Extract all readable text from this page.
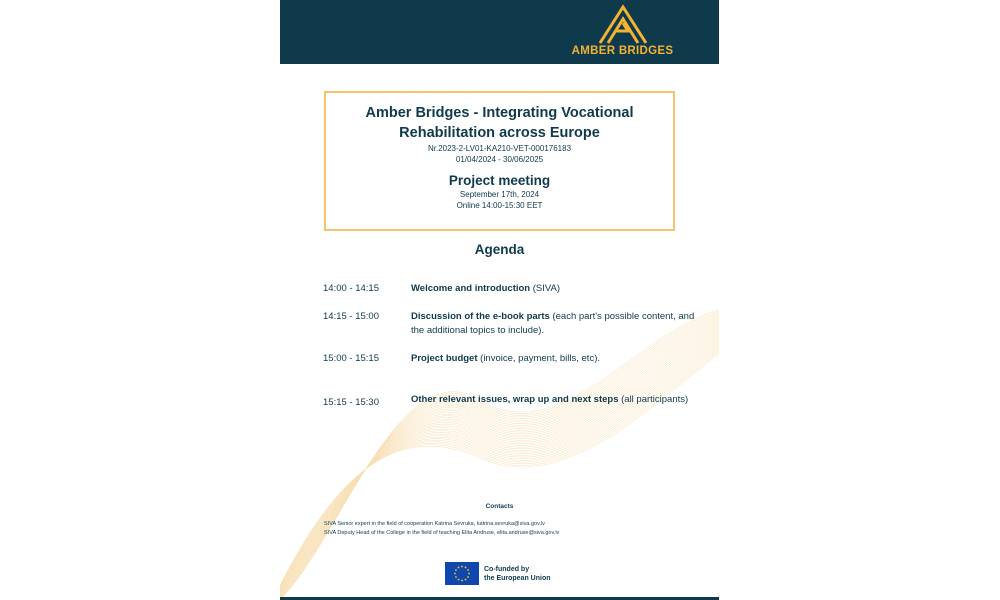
AMBER BRIDGES
Amber Bridges - Integrating Vocational Rehabilitation across Europe
Nr.2023-2-LV01-KA210-VET-000176183
01/04/2024 - 30/06/2025
Project meeting
September 17th, 2024
Online 14:00-15:30 EET
Agenda
14:00 - 14:15	Welcome and introduction (SIVA)
14:15 - 15:00	Discussion of the e-book parts (each part's possible content, and the additional topics to include).
15:00 - 15:15	Project budget (invoice, payment, bills, etc).
15:15 - 15:30	Other relevant issues, wrap up and next steps (all participants)
Contacts
SIVA Senior expert in the field of cooperation Katrina Sevruka, katrina.sevruka@siva.gov.lv
SIVA Deputy Head of the College in the field of teaching Elita Andruse, elita.andruse@siva.gov.lv
Co-funded by
the European Union
